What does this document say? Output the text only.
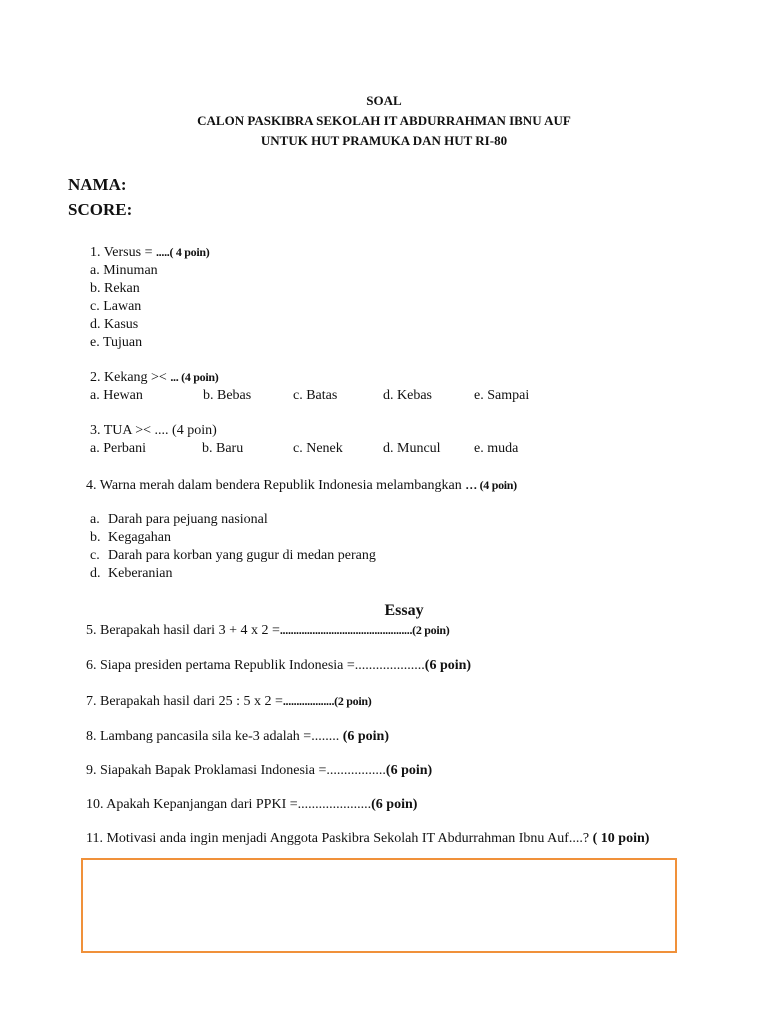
SOAL
CALON PASKIBRA SEKOLAH IT ABDURRAHMAN IBNU AUF
UNTUK HUT PRAMUKA DAN HUT RI-80
NAMA:
SCORE:
1. Versus = .....( 4 poin)
a. Minuman
b. Rekan
c. Lawan
d. Kasus
e. Tujuan
2. Kekang >< ... (4 poin)
a. Hewan	b. Bebas	c. Batas	d. Kebas	e. Sampai
3. TUA >< .... (4 poin)
a. Perbani	b. Baru	c. Nenek	d. Muncul e. muda
4. Warna merah dalam bendera Republik Indonesia melambangkan … (4 poin)
a. Darah para pejuang nasional
b. Kegagahan
c. Darah para korban yang gugur di medan perang
d. Keberanian
Essay
5. Berapakah hasil dari 3 + 4 x 2 =.................................................(2 poin)
6. Siapa presiden pertama Republik Indonesia =....................(6 poin)
7. Berapakah hasil dari 25 : 5 x 2 =...................(2 poin)
8. Lambang pancasila sila ke-3 adalah =........ (6 poin)
9. Siapakah Bapak Proklamasi Indonesia =.................(6 poin)
10. Apakah Kepanjangan dari PPKI =.....................(6 poin)
11. Motivasi anda ingin menjadi Anggota Paskibra Sekolah IT Abdurrahman Ibnu Auf....? ( 10 poin)
